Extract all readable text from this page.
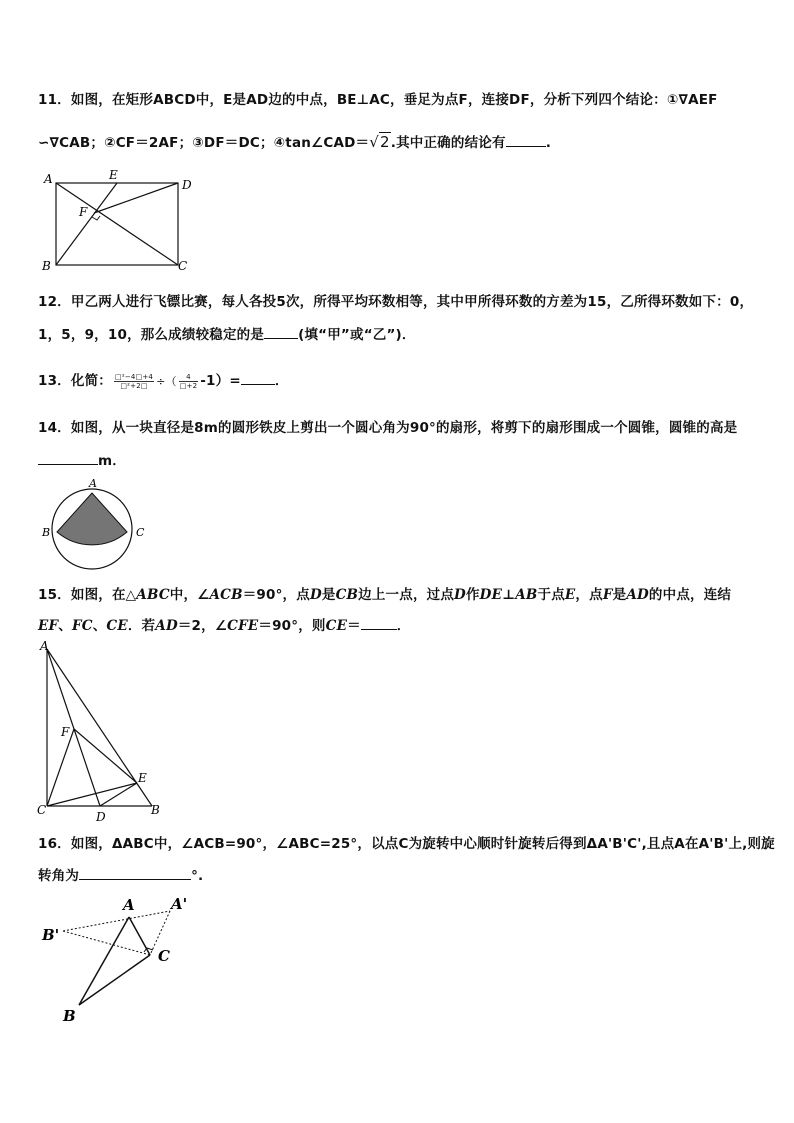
11．如图，在矩形ABCD中，E是AD边的中点，BE⊥AC，垂足为点F，连接DF，分析下列四个结论：①∇AEF
∽∇CAB；②CF＝2AF；③DF＝DC；④tan∠CAD＝√2.其中正确的结论有	.
A	E
D
F
B	C
12．甲乙两人进行飞镖比赛，每人各投5次，所得平均环数相等，其中甲所得环数的方差为15，乙所得环数如下：0，
1，5，9，10，那么成绩较稳定的是	(填“甲”或“乙”)．
13．化简： $\frac{\text{□²−4□+4}}{\text{□²+2□}}$ ÷（ $\frac{4}{□+2} -1)=$	．
14．如图，从一块直径是8m的圆形铁皮上剪出一个圆心角为90°的扇形，将剪下的扇形围成一个圆锥，圆锥的高是
m．
A
B	C
15．如图，在△ABC中，∠ACB＝90°，点D是CB边上一点，过点D作DE⊥AB于点E，点F是AD的中点，连结
EF、FC、CE．若AD＝2，∠CFE＝90°，则CE＝	．
A
F
E
C	D	B
16．如图，ΔABC中，∠ACB=90°，∠ABC=25°，以点C为旋转中心顺时针旋转后得到ΔA'B'C',且点A在A'B'上,则旋
转角为	°.
A A'
B'
C
B
